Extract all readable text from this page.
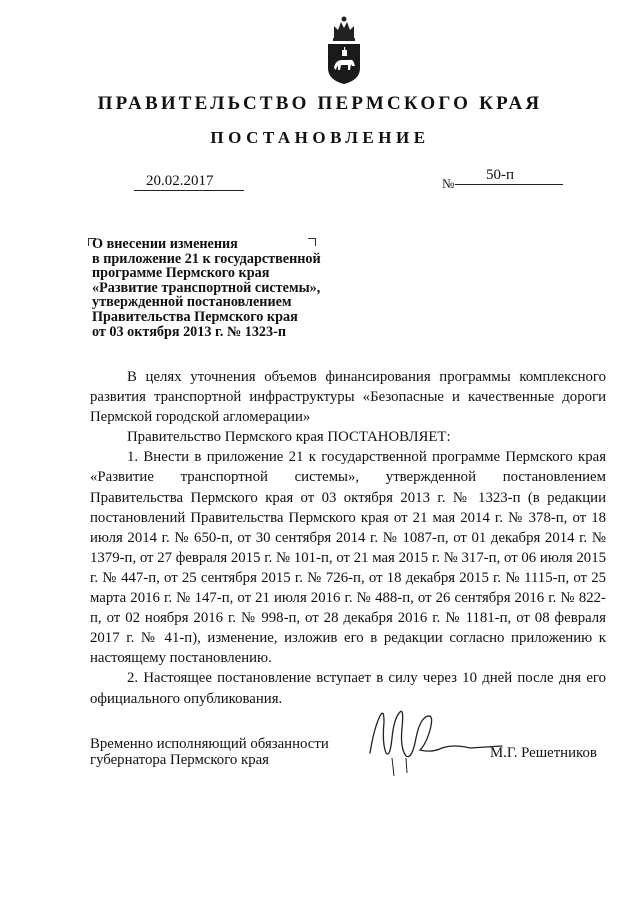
ПРАВИТЕЛЬСТВО ПЕРМСКОГО КРАЯ
ПОСТАНОВЛЕНИЕ
20.02.2017	№
50-п
О внесении изменения
в приложение 21 к государственной
программе Пермского края
«Развитие транспортной системы»,
утвержденной постановлением
Правительства Пермского края
от 03 октября 2013 г. № 1323-п

В целях уточнения объемов финансирования программы комплексного развития транспортной инфраструктуры «Безопасные и качественные дороги Пермской городской агломерации»

Правительство Пермского края ПОСТАНОВЛЯЕТ:

1. Внести в приложение 21 к государственной программе Пермского края «Развитие транспортной системы», утвержденной постановлением Правительства Пермского края от 03 октября 2013 г. № 1323-п (в редакции постановлений Правительства Пермского края от 21 мая 2014 г. № 378-п, от 18 июля 2014 г. № 650-п, от 30 сентября 2014 г. № 1087-п, от 01 декабря 2014 г. № 1379-п, от 27 февраля 2015 г. № 101-п, от 21 мая 2015 г. № 317-п, от 06 июля 2015 г. № 447-п, от 25 сентября 2015 г. № 726-п, от 18 декабря 2015 г. № 1115-п, от 25 марта 2016 г. № 147-п, от 21 июля 2016 г. № 488-п, от 26 сентября 2016 г. № 822-п, от 02 ноября 2016 г. № 998-п, от 28 декабря 2016 г. № 1181-п, от 08 февраля 2017 г. № 41-п), изменение, изложив его в редакции согласно приложению к настоящему постановлению.

2. Настоящее постановление вступает в силу через 10 дней после дня его официального опубликования.

Временно исполняющий обязанности
губернатора Пермского края	М.Г. Решетников
